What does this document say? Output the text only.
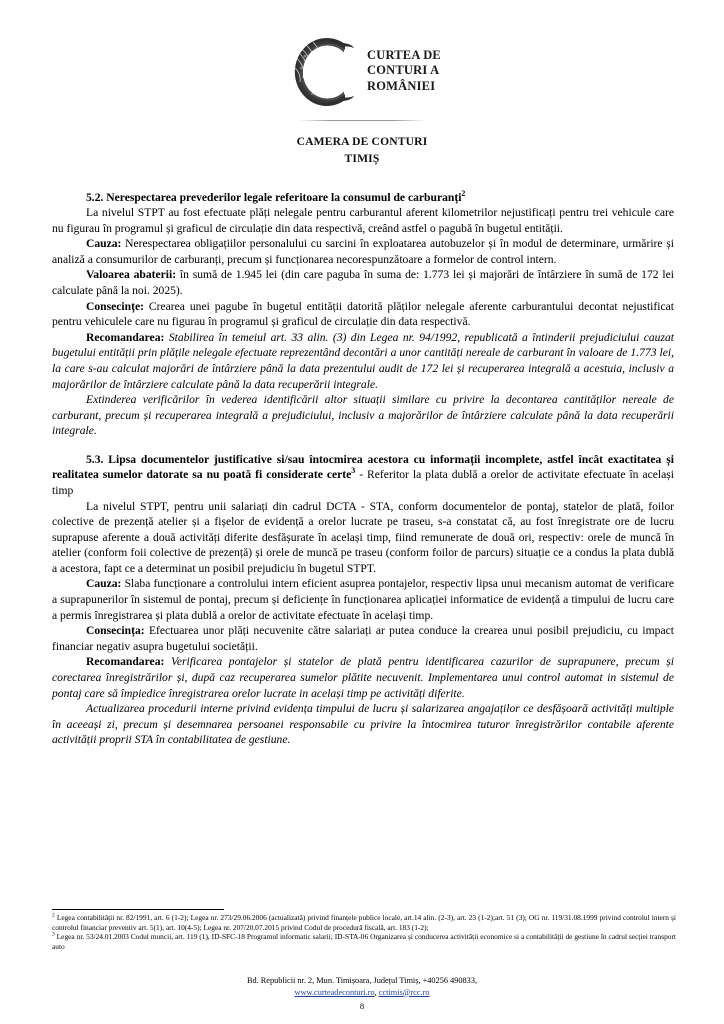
CURTEA DE
CONTURI A
ROMÂNIEI
CAMERA DE CONTURI
TIMIȘ

5.2. Nerespectarea prevederilor legale referitoare la consumul de carburanți$^2$

La nivelul STPT au fost efectuate plăți nelegale pentru carburantul aferent kilometrilor nejustificați pentru trei vehicule care nu figurau în programul și graficul de circulație din data respectivă, creând astfel o pagubă în bugetul entității.

Cauza: Nerespectarea obligațiilor personalului cu sarcini în exploatarea autobuzelor și în modul de determinare, urmărire și analiză a consumurilor de carburanți, precum și funcționarea necorespunzătoare a formelor de control intern.

Valoarea abaterii: în sumă de 1.945 lei (din care paguba în suma de: 1.773 lei și majorări de întârziere în sumă de 172 lei calculate până la noi. 2025).

Consecințe: Crearea unei pagube în bugetul entității datorită plăților nelegale aferente carburantului decontat nejustificat pentru vehiculele care nu figurau în programul și graficul de circulație din data respectivă.

Recomandarea: Stabilirea în temeiul art. 33 alin. (3) din Legea nr. 94/1992, republicată a întinderii prejudiciului cauzat bugetului entității prin plățile nelegale efectuate reprezentând decontări a unor cantități nereale de carburant în valoare de 1.773 lei, la care s-au calculat majorări de întârziere până la data prezentului audit de 172 lei și recuperarea integrală a acestuia, inclusiv a majorărilor de întârziere calculate până la data recuperării integrale.

Extinderea verificărilor în vederea identificării altor situații similare cu privire la decontarea cantităților nereale de carburant, precum și recuperarea integrală a prejudiciului, inclusiv a majorărilor de întârziere calculate până la data recuperării integrale.

5.3. Lipsa documentelor justificative si/sau întocmirea acestora cu informații incomplete, astfel încât exactitatea și realitatea sumelor datorate sa nu poată fi considerate certe$^3$ - Referitor la plata dublă a orelor de activitate efectuate în același timp

La nivelul STPT, pentru unii salariați din cadrul DCTA - STA, conform documentelor de pontaj, statelor de plată, foilor colective de prezență atelier și a fișelor de evidență a orelor lucrate pe traseu, s-a constatat că, au fost înregistrate ore de lucru suprapuse aferente a două activități diferite desfășurate în același timp, fiind remunerate de două ori, respectiv: orele de muncă în atelier (conform foii colective de prezență) și orele de muncă pe traseu (conform foilor de parcurs) situație ce a condus la plata dublă a acestora, fapt ce a determinat un posibil prejudiciu în bugetul STPT.

Cauza: Slaba funcționare a controlului intern eficient asuprea pontajelor, respectiv lipsa unui mecanism automat de verificare a suprapunerilor în sistemul de pontaj, precum și deficiențe în funcționarea aplicației informatice de evidență a timpului de lucru care a permis înregistrarea și plata dublă a orelor de activitate efectuate în același timp.

Consecința: Efectuarea unor plăți necuvenite către salariați ar putea conduce la crearea unui posibil prejudiciu, cu impact financiar negativ asupra bugetului societății.

Recomandarea: Verificarea pontajelor și statelor de plată pentru identificarea cazurilor de suprapunere, precum și corectarea înregistrărilor și, după caz recuperarea sumelor plătite necuvenit. Implementarea unui control automat in sistemul de pontaj care să împiedice înregistrarea orelor lucrate in același timp pe activități diferite.

Actualizarea procedurii interne privind evidența timpului de lucru și salarizarea angajaților ce desfășoară activități multiple în aceeași zi, precum și desemnarea persoanei responsabile cu privire la întocmirea tuturor înregistrărilor contabile aferente activității proprii STA în contabilitatea de gestiune.

$^2$ Legea contabilității nr. 82/1991, art. 6 (1-2); Legea nr. 273/29.06.2006 (actualizată) privind finanțele publice locale, art.14 alin. (2-3), art. 23 (1-2);art. 51 (3); OG nr. 119/31.08.1999 privind controlul intern și controlul financiar preventiv art. 5(1), art. 10(4-5); Legea nr. 207/20.07.2015 privind Codul de procedură fiscală, art. 183 (1-2);

$^3$ Legea nr. 53/24.01.2003 Codul muncii, art. 119 (1), ID-SFC-18 Programul informatic salarii; ID-STA-06 Organizarea și conducerea activității economice si a contabilității de gestiune în cadrul secției transport auto

Bd. Republicii nr. 2, Mun. Timișoara, Județul Timiș, +40256 490833,
www.curteadeconturi.ro, cctimis@rcc.ro
8
